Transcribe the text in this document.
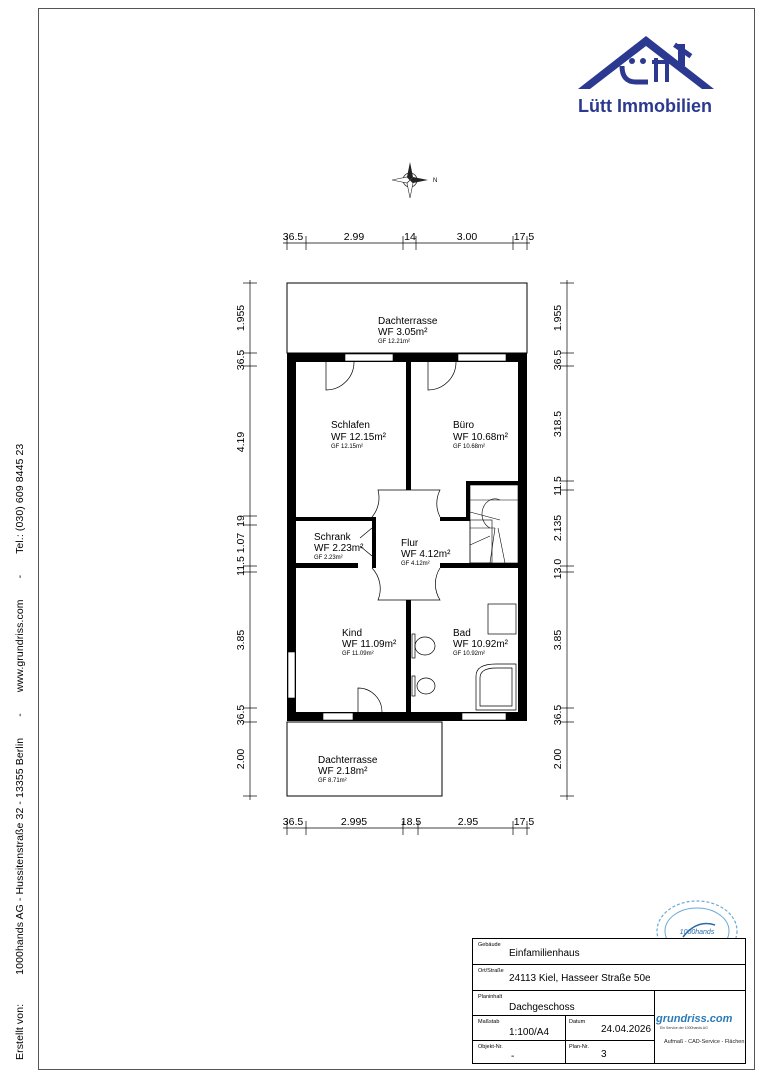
Erstellt von: 1000hands AG - Hussitenstraße 32 - 13355 Berlin - www.grundriss.com - Tel.: (030) 609 8445 23
Lütt Immobilien
N
36.5	2.99	14	3.00	17.5
36.5	2.995	18.5	2.95	17.5
1.955
36.5
4.19
19
1.07
11.5
3.85
36.5
2.00
1.955
36.5
318.5
11.5
2.135
13.0
3.85
36.5
2.00
Dachterrasse
WF 3.05m²
GF 12.21m²
Schlafen
WF 12.15m²
GF 12.15m²
Büro
WF 10.68m²
GF 10.68m²
Schrank
WF 2.23m²
GF 2.23m²
Flur
WF 4.12m²
GF 4.12m²
Kind
WF 11.09m²
GF 11.09m²
Bad
WF 10.92m²
GF 10.92m²
Dachterrasse
WF 2.18m²
GF 8.71m²
1000hands
Gebäude
Einfamilienhaus
Ort/Straße
24113 Kiel, Hasseer Straße 50e
Planinhalt
Dachgeschoss
Maßstab
1:100/A4
Datum
24.04.2026
Objekt-Nr.
-
Plan-Nr.
3
grundriss.com
Ein Service der 1000hands AG
Aufmaß - CAD-Service - Flächen
